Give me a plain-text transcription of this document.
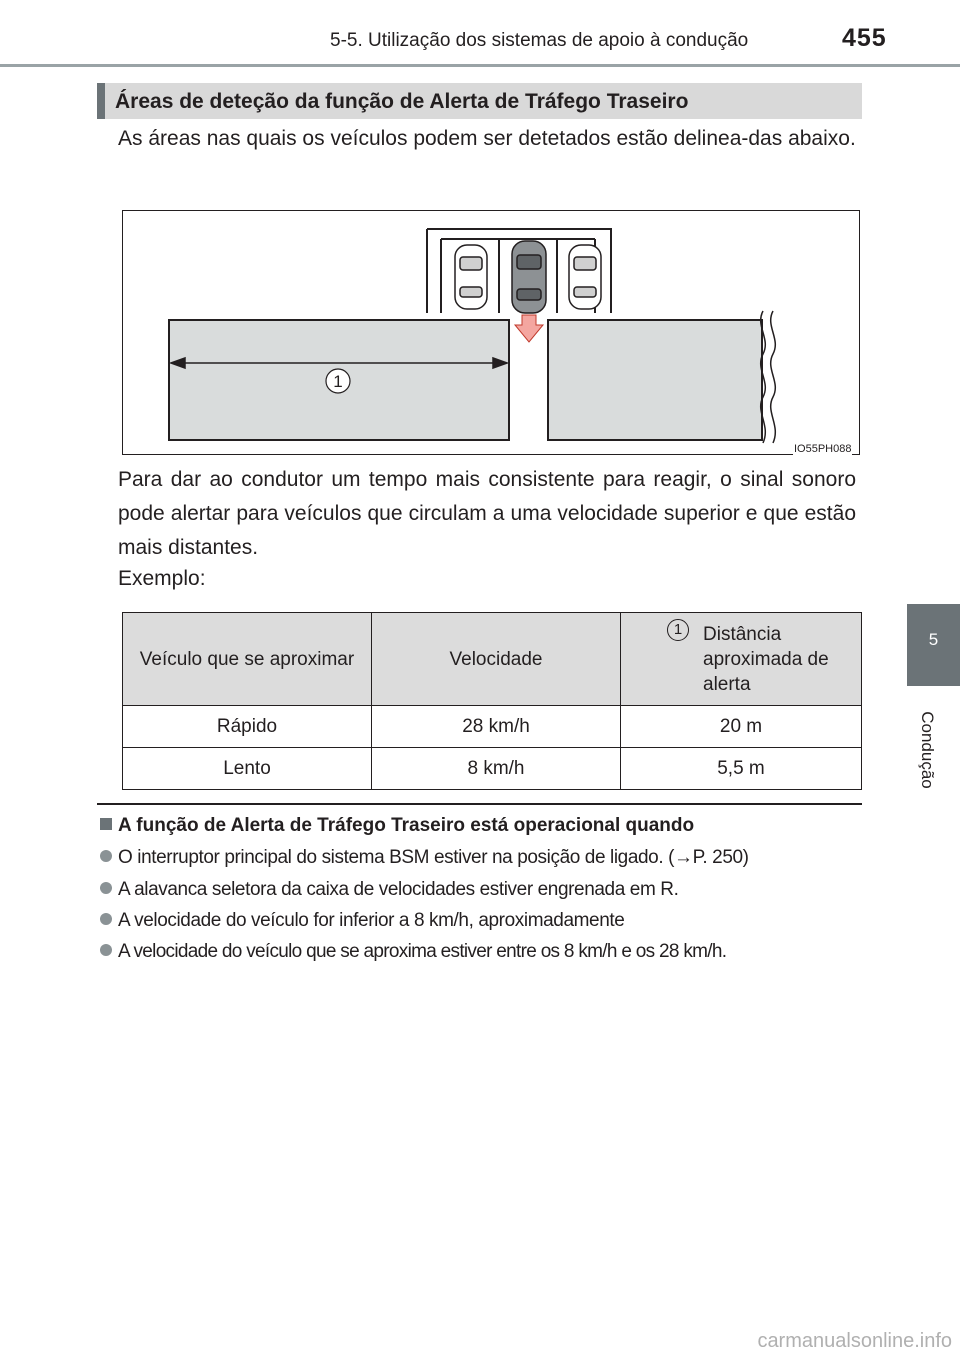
5-5. Utilização dos sistemas de apoio à condução	455
5
Condução
Áreas de deteção da função de Alerta de Tráfego Traseiro
As áreas nas quais os veículos podem ser detetados estão delinea-das abaixo.
1
IO55PH088
Para dar ao condutor um tempo mais consistente para reagir, o sinal sonoro pode alertar para veículos que circulam a uma velocidade superior e que estão mais distantes.
Exemplo:
Veículo que se aproximar	Velocidade	1 Distância aproximada de alerta
Rápido	28 km/h	20 m
Lento	8 km/h	5,5 m
A função de Alerta de Tráfego Traseiro está operacional quando
O interruptor principal do sistema BSM estiver na posição de ligado. (→P. 250)
A alavanca seletora da caixa de velocidades estiver engrenada em R.
A velocidade do veículo for inferior a 8 km/h, aproximadamente
A velocidade do veículo que se aproxima estiver entre os 8 km/h e os 28 km/h.
carmanualsonline.info
